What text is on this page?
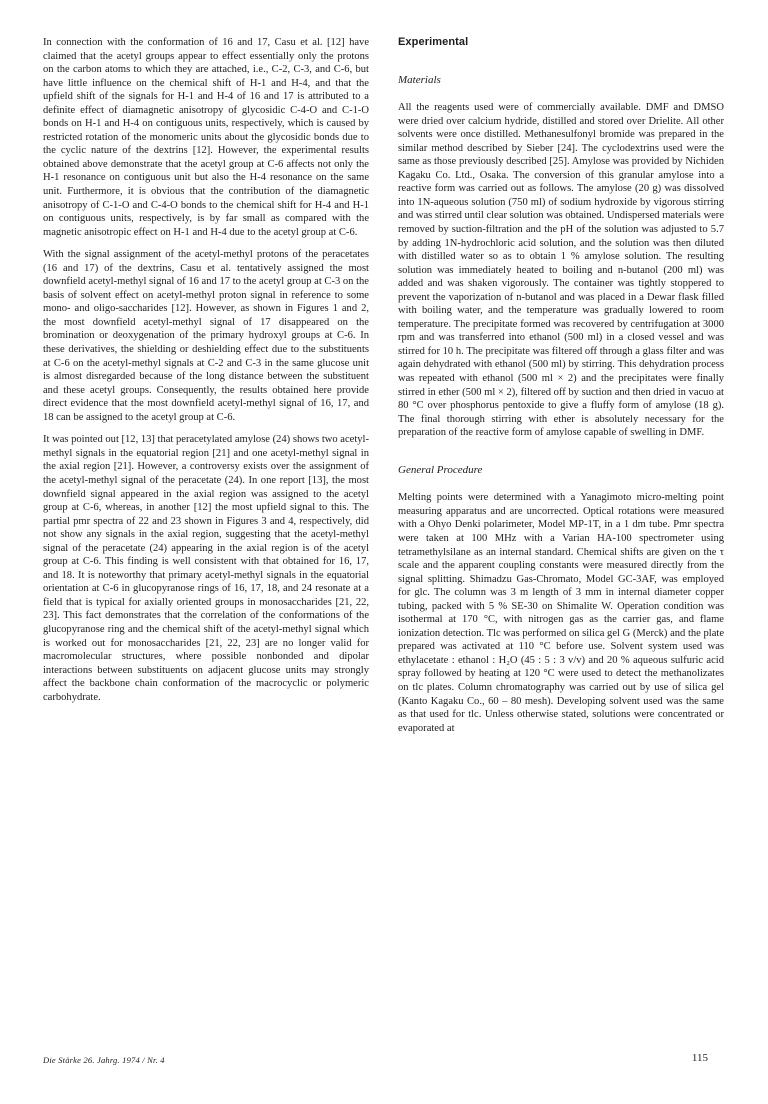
In connection with the conformation of 16 and 17, Casu et al. [12] have claimed that the acetyl groups appear to effect essentially only the protons on the carbon atoms to which they are attached, i.e., C-2, C-3, and C-6, but have little influence on the chemical shift of H-1 and H-4, and that the upfield shift of the signals for H-1 and H-4 of 16 and 17 is attributed to a definite effect of diamagnetic anisotropy of glycosidic C-4-O and C-1-O bonds on H-1 and H-4 on contiguous units, respectively, which is caused by restricted rotation of the monomeric units about the glycosidic bonds due to the cyclic nature of the dextrins [12]. However, the experimental results obtained above demonstrate that the acetyl group at C-6 affects not only the H-1 resonance on contiguous unit but also the H-4 resonance on the same unit. Furthermore, it is obvious that the contribution of the diamagnetic anisotropy of C-1-O and C-4-O bonds to the chemical shift for H-4 and H-1 on contiguous units, respectively, is by far small as compared with the magnetic anisotropic effect on H-1 and H-4 due to the acetyl group at C-6.

With the signal assignment of the acetyl-methyl protons of the peracetates (16 and 17) of the dextrins, Casu et al. tentatively assigned the most downfield acetyl-methyl signal of 16 and 17 to the acetyl group at C-3 on the basis of solvent effect on acetyl-methyl proton signal in reference to some mono- and oligo-saccharides [12]. However, as shown in Figures 1 and 2, the most downfield acetyl-methyl signal of 17 disappeared on the bromination or deoxygenation of the primary hydroxyl groups at C-6. In these derivatives, the shielding or deshielding effect due to the substituents at C-6 on the acetyl-methyl signals at C-2 and C-3 in the same glucose unit is almost disregarded because of the long distance between the substituent and these acetyl groups. Consequently, the results obtained here provide direct evidence that the most downfield acetyl-methyl signal of 16, 17, and 18 can be assigned to the acetyl group at C-6.

It was pointed out [12, 13] that peracetylated amylose (24) shows two acetyl-methyl signals in the equatorial region [21] and one acetyl-methyl signal in the axial region [21]. However, a controversy exists over the assignment of the acetyl-methyl signal of the peracetate (24). In one report [13], the most downfield signal appeared in the axial region was assigned to the acetyl group at C-6, whereas, in another [12] the most upfield signal to this. The partial pmr spectra of 22 and 23 shown in Figures 3 and 4, respectively, did not show any signals in the axial region, suggesting that the acetyl-methyl signal of the peracetate (24) appearing in the axial region is of the acetyl group at C-6. This finding is well consistent with that obtained for 16, 17, and 18. It is noteworthy that primary acetyl-methyl signals in the equatorial orientation at C-6 in glucopyranose rings of 16, 17, 18, and 24 resonate at a field that is typical for axially oriented groups in monosaccharides [21, 22, 23]. This fact demonstrates that the correlation of the conformations of the glucopyranose ring and the chemical shift of the acetyl-methyl signal which is worked out for monosaccharides [21, 22, 23] are no longer valid for macromolecular structures, where possible nonbonded and dipolar interactions between substituents on adjacent glucose units may strongly affect the backbone chain conformation of the macrocyclic or polymeric carbohydrate.

Experimental
Materials

All the reagents used were of commercially available. DMF and DMSO were dried over calcium hydride, distilled and stored over Drielite. All other solvents were once distilled. Methanesulfonyl bromide was prepared in the similar method described by Sieber [24]. The cyclodextrins used were the same as those previously described [25]. Amylose was provided by Nichiden Kagaku Co. Ltd., Osaka. The conversion of this granular amylose into a reactive form was carried out as follows. The amylose (20 g) was dissolved into 1N-aqueous solution (750 ml) of sodium hydroxide by vigorous stirring and was stirred until clear solution was obtained. Undispersed materials were removed by suction-filtration and the pH of the solution was adjusted to 5.7 by adding 1N-hydrochloric acid solution, and the solution was then diluted with distilled water so as to obtain 1 % amylose solution. The resulting solution was immediately heated to boiling and n-butanol (200 ml) was added and was shaken vigorously. The container was tightly stoppered to prevent the vaporization of n-butanol and was placed in a Dewar flask filled with boiling water, and the temperature was gradually lowered to room temperature. The precipitate formed was recovered by centrifugation at 3000 rpm and was transferred into ethanol (500 ml) in a closed vessel and was stirred for 10 h. The precipitate was filtered off through a glass filter and was again dehydrated with ethanol (500 ml) by stirring. This dehydration process was repeated with ethanol (500 ml × 2) and the precipitates were finally stirred in ether (500 ml × 2), filtered off by suction and then dried in vacuo at 80 °C over phosphorus pentoxide to give a fluffy form of amylose (18 g). The final thorough stirring with ether is absolutely necessary for the preparation of the reactive form of amylose capable of swelling in DMF.

General Procedure

Melting points were determined with a Yanagimoto micro-melting point measuring apparatus and are uncorrected. Optical rotations were measured with a Ohyo Denki polarimeter, Model MP-1T, in a 1 dm tube. Pmr spectra were taken at 100 MHz with a Varian HA-100 spectrometer using tetramethylsilane as an internal standard. Chemical shifts are given on the τ scale and the apparent coupling constants were measured directly from the signal splitting. Shimadzu Gas-Chromato, Model GC-3AF, was employed for glc. The column was 3 m length of 3 mm in internal diameter copper tubing, packed with 5 % SE-30 on Shimalite W. Operation condition was isothermal at 170 °C, with nitrogen gas as the carrier gas, and flame ionization detection. Tlc was performed on silica gel G (Merck) and the plate prepared was activated at 110 °C before use. Solvent system used was ethylacetate : ethanol : H₂O (45 : 5 : 3 v/v) and 20 % aqueous sulfuric acid spray followed by heating at 120 °C were used to detect the methanolizates on tlc plates. Column chromatography was carried out by use of silica gel (Kanto Kagaku Co., 60 – 80 mesh). Developing solvent used was the same as that used for tlc. Unless otherwise stated, solutions were concentrated or evaporated at

Die Stärke 26. Jahrg. 1974 / Nr. 4	115
